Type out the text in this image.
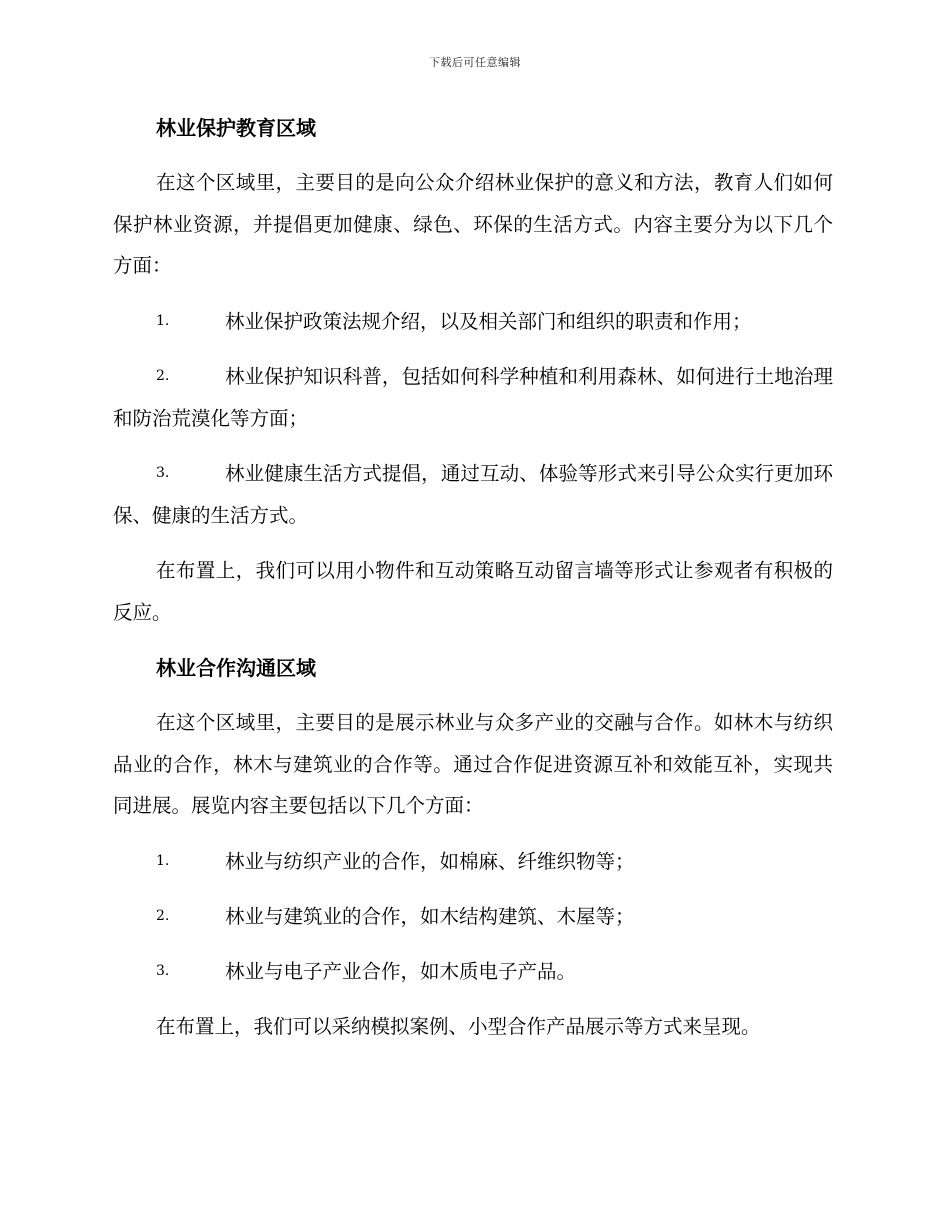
下载后可任意编辑
林业保护教育区域
在这个区域里，主要目的是向公众介绍林业保护的意义和方法，教育人们如何保护林业资源，并提倡更加健康、绿色、环保的生活方式。内容主要分为以下几个方面：
1.	林业保护政策法规介绍，以及相关部门和组织的职责和作用；
2.	林业保护知识科普，包括如何科学种植和利用森林、如何进行土地治理和防治荒漠化等方面；
3.	林业健康生活方式提倡，通过互动、体验等形式来引导公众实行更加环保、健康的生活方式。
在布置上，我们可以用小物件和互动策略互动留言墙等形式让参观者有积极的反应。
林业合作沟通区域
在这个区域里，主要目的是展示林业与众多产业的交融与合作。如林木与纺织品业的合作，林木与建筑业的合作等。通过合作促进资源互补和效能互补，实现共同进展。展览内容主要包括以下几个方面：
1.	林业与纺织产业的合作，如棉麻、纤维织物等；
2.	林业与建筑业的合作，如木结构建筑、木屋等；
3.	林业与电子产业合作，如木质电子产品。
在布置上，我们可以采纳模拟案例、小型合作产品展示等方式来呈现。
